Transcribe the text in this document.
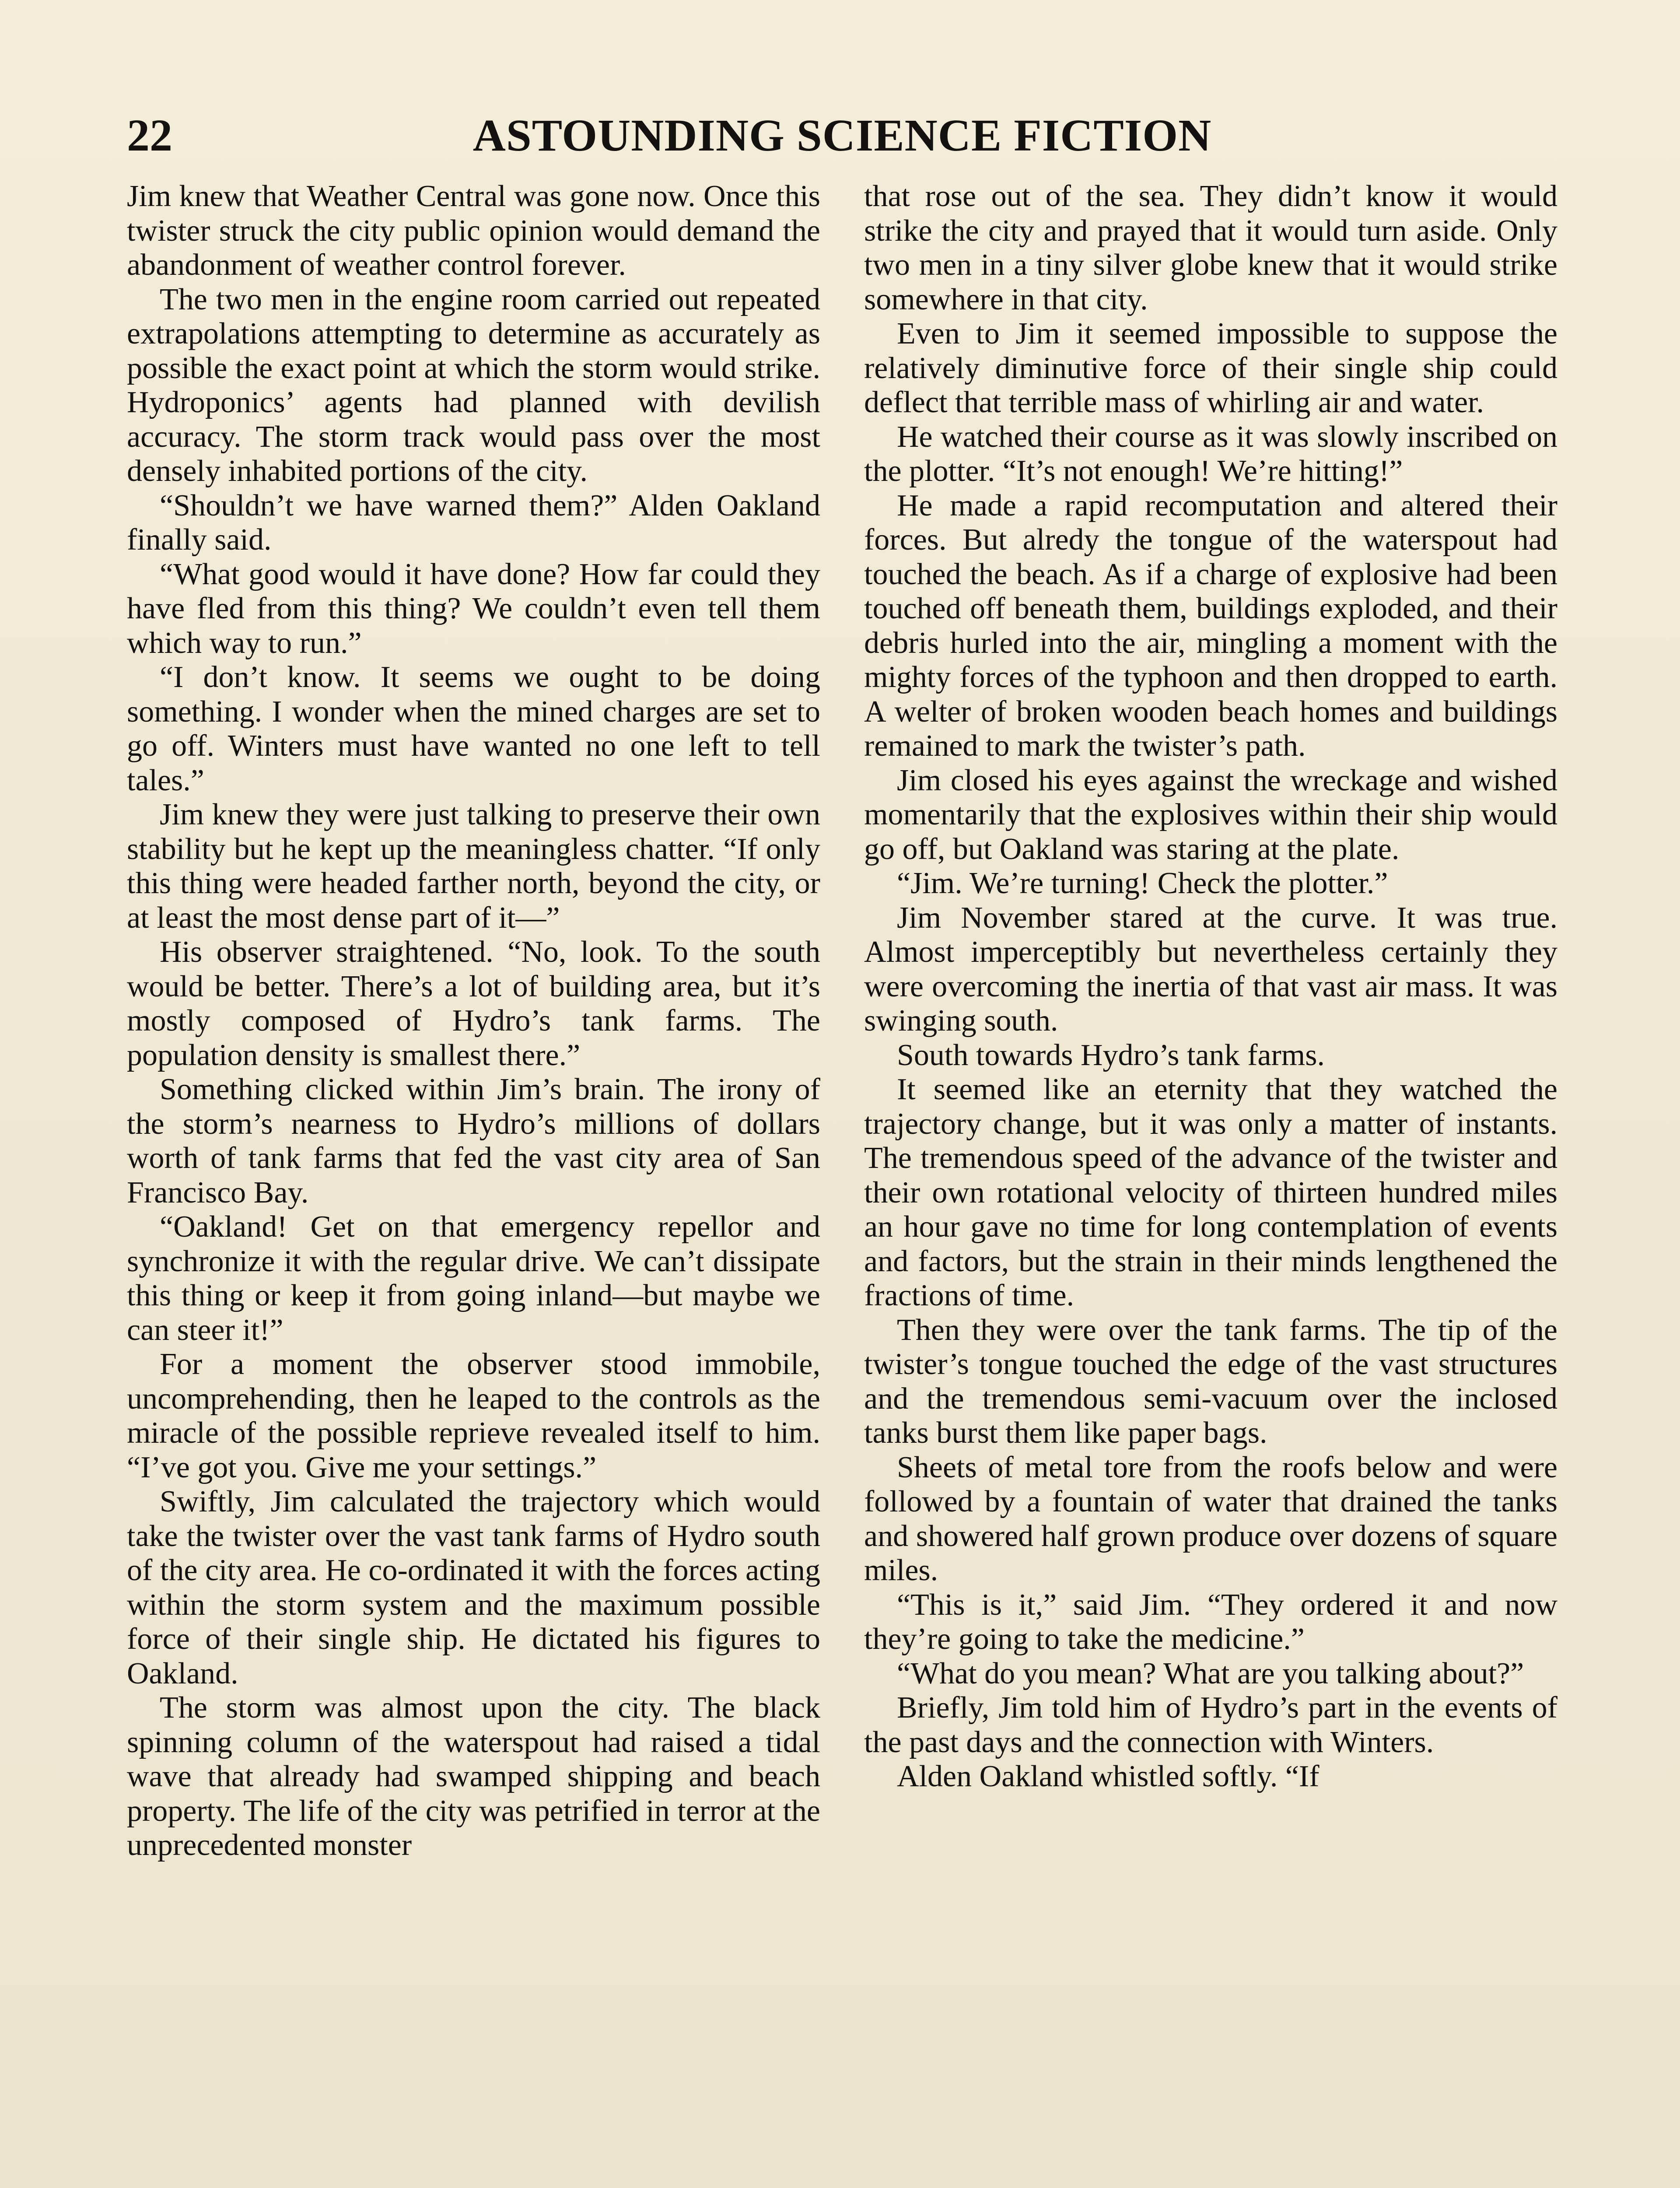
22	ASTOUNDING SCIENCE FICTION

Jim knew that Weather Central was gone now. Once this twister struck the city public opinion would demand the abandonment of weather control forever.

The two men in the engine room carried out repeated extrapolations attempting to determine as accurately as possible the exact point at which the storm would strike. Hydroponics’ agents had planned with devilish accuracy. The storm track would pass over the most densely inhabited portions of the city.

“Shouldn’t we have warned them?” Alden Oakland finally said.

“What good would it have done? How far could they have fled from this thing? We couldn’t even tell them which way to run.”

“I don’t know. It seems we ought to be doing something. I wonder when the mined charges are set to go off. Winters must have wanted no one left to tell tales.”

Jim knew they were just talking to preserve their own stability but he kept up the meaningless chatter. “If only this thing were headed farther north, beyond the city, or at least the most dense part of it—”

His observer straightened. “No, look. To the south would be better. There’s a lot of building area, but it’s mostly composed of Hydro’s tank farms. The population density is smallest there.”

Something clicked within Jim’s brain. The irony of the storm’s nearness to Hydro’s millions of dollars worth of tank farms that fed the vast city area of San Francisco Bay.

“Oakland! Get on that emergency repellor and synchronize it with the regular drive. We can’t dissipate this thing or keep it from going inland—but maybe we can steer it!”

For a moment the observer stood immobile, uncomprehending, then he leaped to the controls as the miracle of the possible reprieve revealed itself to him. “I’ve got you. Give me your settings.”

Swiftly, Jim calculated the trajectory which would take the twister over the vast tank farms of Hydro south of the city area. He co-ordinated it with the forces acting within the storm system and the maximum possible force of their single ship. He dictated his figures to Oakland.

The storm was almost upon the city. The black spinning column of the waterspout had raised a tidal wave that already had swamped shipping and beach property. The life of the city was petrified in terror at the unprecedented monster

that rose out of the sea. They didn’t know it would strike the city and prayed that it would turn aside. Only two men in a tiny silver globe knew that it would strike somewhere in that city.

Even to Jim it seemed impossible to suppose the relatively diminutive force of their single ship could deflect that terrible mass of whirling air and water.

He watched their course as it was slowly inscribed on the plotter. “It’s not enough! We’re hitting!”

He made a rapid recomputation and altered their forces. But alredy the tongue of the waterspout had touched the beach. As if a charge of explosive had been touched off beneath them, buildings exploded, and their debris hurled into the air, mingling a moment with the mighty forces of the typhoon and then dropped to earth. A welter of broken wooden beach homes and buildings remained to mark the twister’s path.

Jim closed his eyes against the wreckage and wished momentarily that the explosives within their ship would go off, but Oakland was staring at the plate.

“Jim. We’re turning! Check the plotter.”

Jim November stared at the curve. It was true. Almost imperceptibly but nevertheless certainly they were overcoming the inertia of that vast air mass. It was swinging south.

South towards Hydro’s tank farms.

It seemed like an eternity that they watched the trajectory change, but it was only a matter of instants. The tremendous speed of the advance of the twister and their own rotational velocity of thirteen hundred miles an hour gave no time for long contemplation of events and factors, but the strain in their minds lengthened the fractions of time.

Then they were over the tank farms. The tip of the twister’s tongue touched the edge of the vast structures and the tremendous semi-vacuum over the inclosed tanks burst them like paper bags.

Sheets of metal tore from the roofs below and were followed by a fountain of water that drained the tanks and showered half grown produce over dozens of square miles.

“This is it,” said Jim. “They ordered it and now they’re going to take the medicine.”

“What do you mean? What are you talking about?”

Briefly, Jim told him of Hydro’s part in the events of the past days and the connection with Winters.

Alden Oakland whistled softly. “If
